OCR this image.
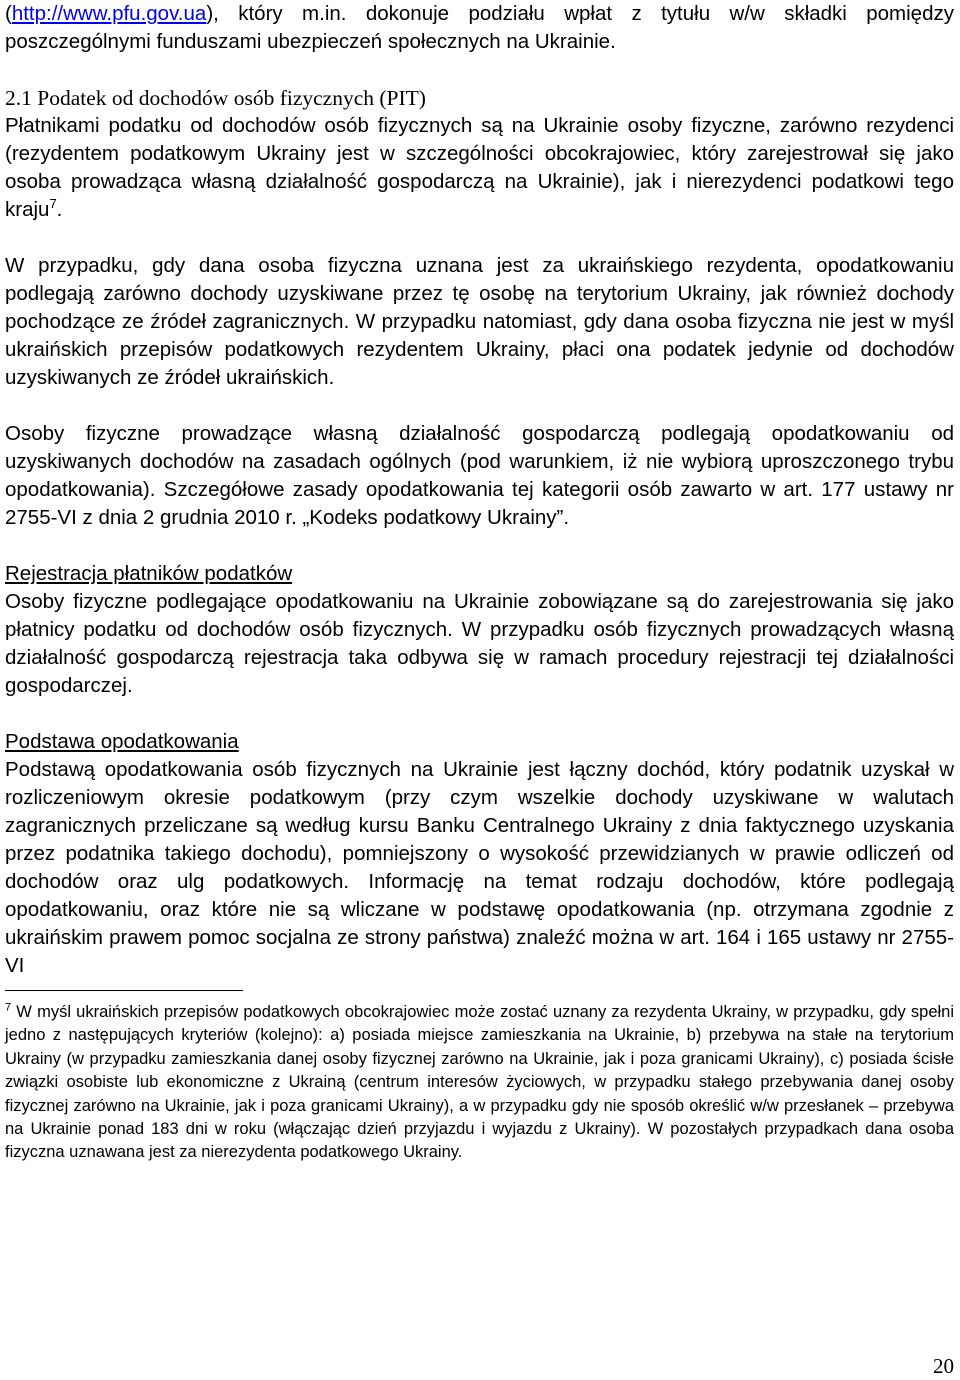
(http://www.pfu.gov.ua), który m.in. dokonuje podziału wpłat z tytułu w/w składki pomiędzy poszczególnymi funduszami ubezpieczeń społecznych na Ukrainie.

2.1 Podatek od dochodów osób fizycznych (PIT)

Płatnikami podatku od dochodów osób fizycznych są na Ukrainie osoby fizyczne, zarówno rezydenci (rezydentem podatkowym Ukrainy jest w szczególności obcokrajowiec, który zarejestrował się jako osoba prowadząca własną działalność gospodarczą na Ukrainie), jak i nierezydenci podatkowi tego kraju$^7$.

W przypadku, gdy dana osoba fizyczna uznana jest za ukraińskiego rezydenta, opodatkowaniu podlegają zarówno dochody uzyskiwane przez tę osobę na terytorium Ukrainy, jak również dochody pochodzące ze źródeł zagranicznych. W przypadku natomiast, gdy dana osoba fizyczna nie jest w myśl ukraińskich przepisów podatkowych rezydentem Ukrainy, płaci ona podatek jedynie od dochodów uzyskiwanych ze źródeł ukraińskich.

Osoby fizyczne prowadzące własną działalność gospodarczą podlegają opodatkowaniu od uzyskiwanych dochodów na zasadach ogólnych (pod warunkiem, iż nie wybiorą uproszczonego trybu opodatkowania). Szczegółowe zasady opodatkowania tej kategorii osób zawarto w art. 177 ustawy nr 2755-VI z dnia 2 grudnia 2010 r. „Kodeks podatkowy Ukrainy”.

Rejestracja płatników podatków

Osoby fizyczne podlegające opodatkowaniu na Ukrainie zobowiązane są do zarejestrowania się jako płatnicy podatku od dochodów osób fizycznych. W przypadku osób fizycznych prowadzących własną działalność gospodarczą rejestracja taka odbywa się w ramach procedury rejestracji tej działalności gospodarczej.

Podstawa opodatkowania

Podstawą opodatkowania osób fizycznych na Ukrainie jest łączny dochód, który podatnik uzyskał w rozliczeniowym okresie podatkowym (przy czym wszelkie dochody uzyskiwane w walutach zagranicznych przeliczane są według kursu Banku Centralnego Ukrainy z dnia faktycznego uzyskania przez podatnika takiego dochodu), pomniejszony o wysokość przewidzianych w prawie odliczeń od dochodów oraz ulg podatkowych. Informację na temat rodzaju dochodów, które podlegają opodatkowaniu, oraz które nie są wliczane w podstawę opodatkowania (np. otrzymana zgodnie z ukraińskim prawem pomoc socjalna ze strony państwa) znaleźć można w art. 164 i 165 ustawy nr 2755-VI

$^7$ W myśl ukraińskich przepisów podatkowych obcokrajowiec może zostać uznany za rezydenta Ukrainy, w przypadku, gdy spełni jedno z następujących kryteriów (kolejno): a) posiada miejsce zamieszkania na Ukrainie, b) przebywa na stałe na terytorium Ukrainy (w przypadku zamieszkania danej osoby fizycznej zarówno na Ukrainie, jak i poza granicami Ukrainy), c) posiada ścisłe związki osobiste lub ekonomiczne z Ukrainą (centrum interesów życiowych, w przypadku stałego przebywania danej osoby fizycznej zarówno na Ukrainie, jak i poza granicami Ukrainy), a w przypadku gdy nie sposób określić w/w przesłanek – przebywa na Ukrainie ponad 183 dni w roku (włączając dzień przyjazdu i wyjazdu z Ukrainy). W pozostałych przypadkach dana osoba fizyczna uznawana jest za nierezydenta podatkowego Ukrainy.
20
